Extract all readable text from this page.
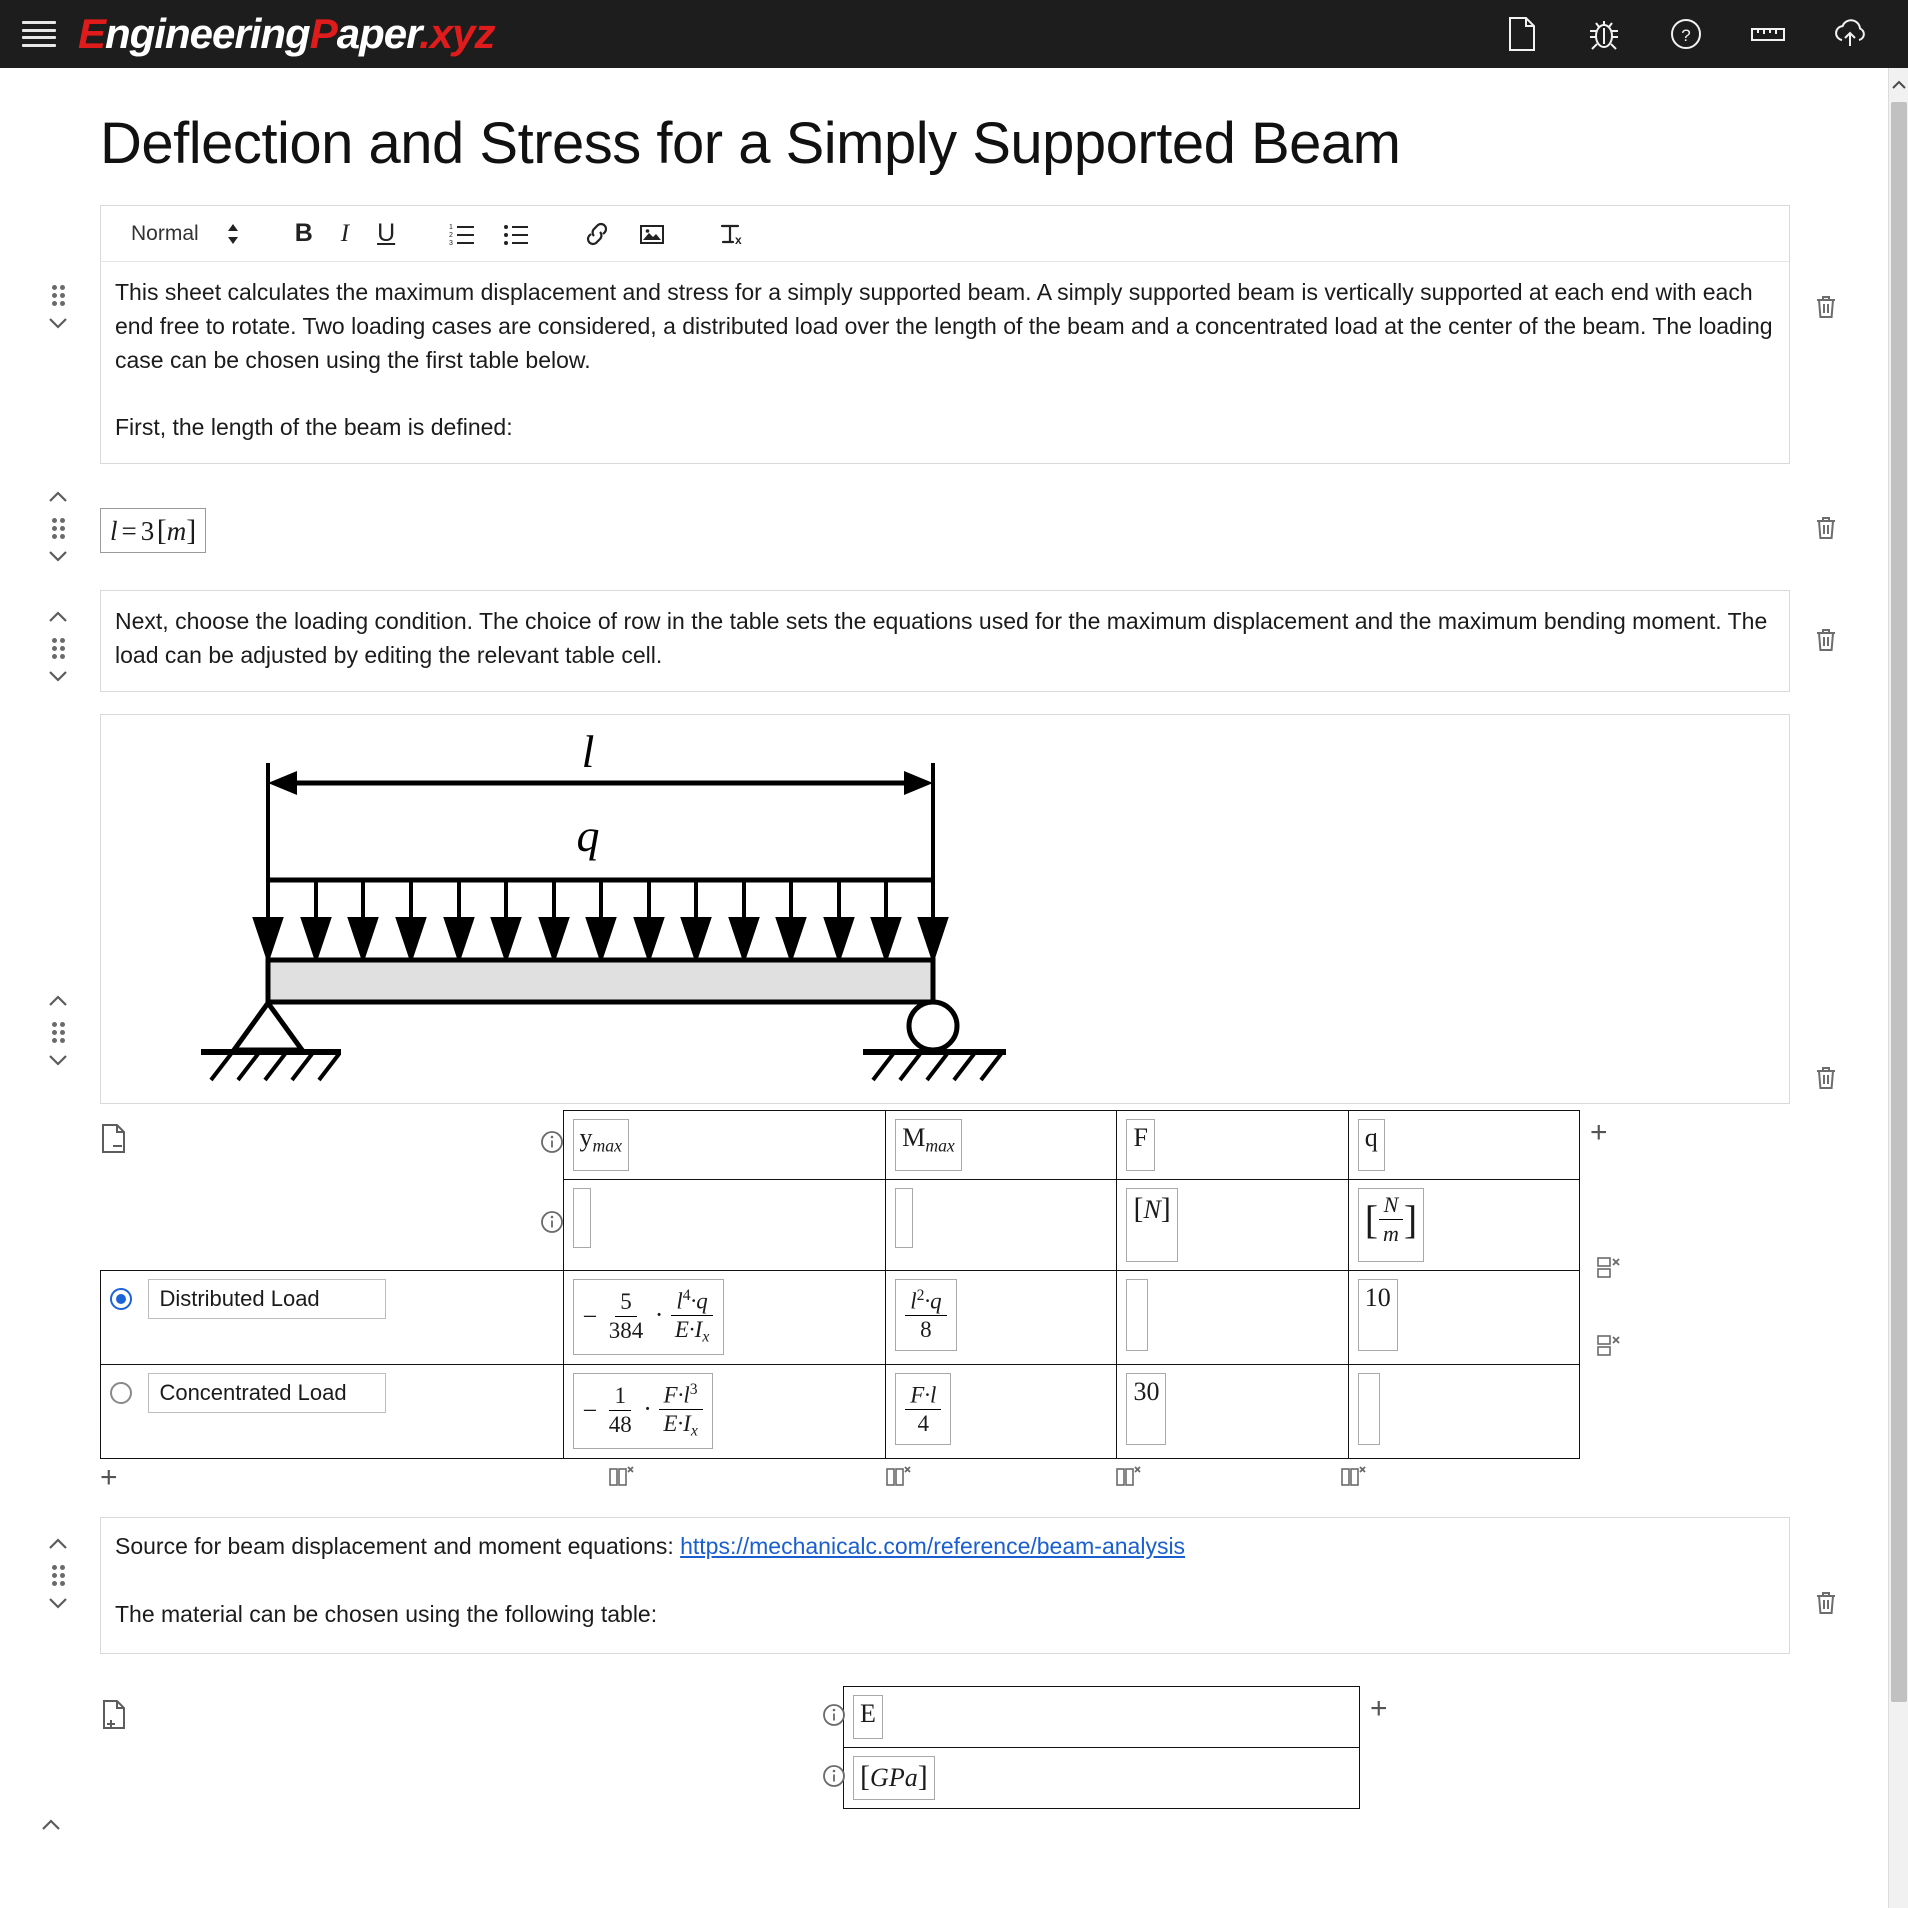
EngineeringPaper.xyz	?
Deflection and Stress for a Simply Supported Beam
Normal	B	I	U	1
2
3	x

This sheet calculates the maximum displacement and stress for a simply supported beam. A simply supported beam is vertically supported at each end with each end free to rotate. Two loading cases are considered, a distributed load over the length of the beam and a concentrated load at the center of the beam. The loading case can be chosen using the first table below.

First, the length of the beam is defined:

l = 3 [m]

Next, choose the loading condition. The choice of row in the table sets the equations used for the maximum displacement and the maximum bending moment. The load can be adjusted by editing the relevant table cell.

l
q
+
		$y_{max}$	$M_{max}$	F	q
				[N]	[ $\frac{N}{m}$ ]
Distributed Load	− $\frac{5}{384} \cdot \frac{l^4\cdot q}{E\cdot I_x}$	$\frac{l^2\cdot q}{8}$		10
Concentrated Load	− $\frac{1}{48} \cdot \frac{F\cdot l^3}{E\cdot I_x}$	$\frac{F\cdot l}{4}$	30	
+

Source for beam displacement and moment equations: https://mechanicalc.com/reference/beam-analysis

The material can be chosen using the following table:

+
		E
		[GPa]
